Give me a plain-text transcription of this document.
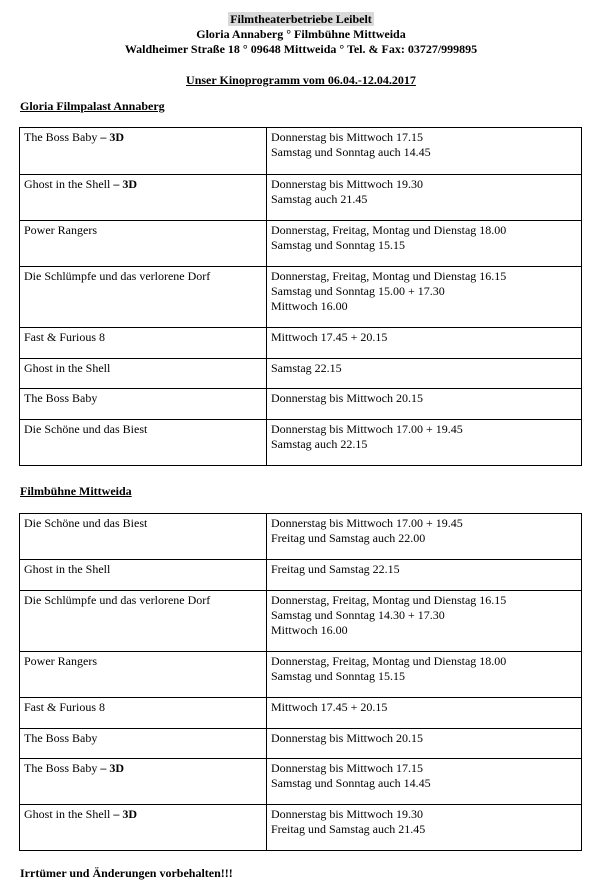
Filmtheaterbetriebe Leibelt
Gloria Annaberg ° Filmbühne Mittweida
Waldheimer Straße 18 ° 09648 Mittweida ° Tel. & Fax: 03727/999895
Unser Kinoprogramm vom 06.04.-12.04.2017
Gloria Filmpalast Annaberg
The Boss Baby – 3D	Donnerstag bis Mittwoch 17.15
Samstag und Sonntag auch 14.45

Ghost in the Shell – 3D	Donnerstag bis Mittwoch 19.30
Samstag auch 21.45

Power Rangers	Donnerstag, Freitag, Montag und Dienstag 18.00
Samstag und Sonntag 15.15

Die Schlümpfe und das verlorene Dorf	Donnerstag, Freitag, Montag und Dienstag 16.15
Samstag und Sonntag 15.00 + 17.30
Mittwoch 16.00

Fast & Furious 8	Mittwoch 17.45 + 20.15

Ghost in the Shell	Samstag 22.15

The Boss Baby	Donnerstag bis Mittwoch 20.15

Die Schöne und das Biest	Donnerstag bis Mittwoch 17.00 + 19.45
Samstag auch 22.15
Filmbühne Mittweida
Die Schöne und das Biest	Donnerstag bis Mittwoch 17.00 + 19.45
Freitag und Samstag auch 22.00

Ghost in the Shell	Freitag und Samstag 22.15

Die Schlümpfe und das verlorene Dorf	Donnerstag, Freitag, Montag und Dienstag 16.15
Samstag und Sonntag 14.30 + 17.30
Mittwoch 16.00

Power Rangers	Donnerstag, Freitag, Montag und Dienstag 18.00
Samstag und Sonntag 15.15

Fast & Furious 8	Mittwoch 17.45 + 20.15

The Boss Baby	Donnerstag bis Mittwoch 20.15

The Boss Baby – 3D	Donnerstag bis Mittwoch 17.15
Samstag und Sonntag auch 14.45

Ghost in the Shell – 3D	Donnerstag bis Mittwoch 19.30
Freitag und Samstag auch 21.45
Irrtümer und Änderungen vorbehalten!!!
